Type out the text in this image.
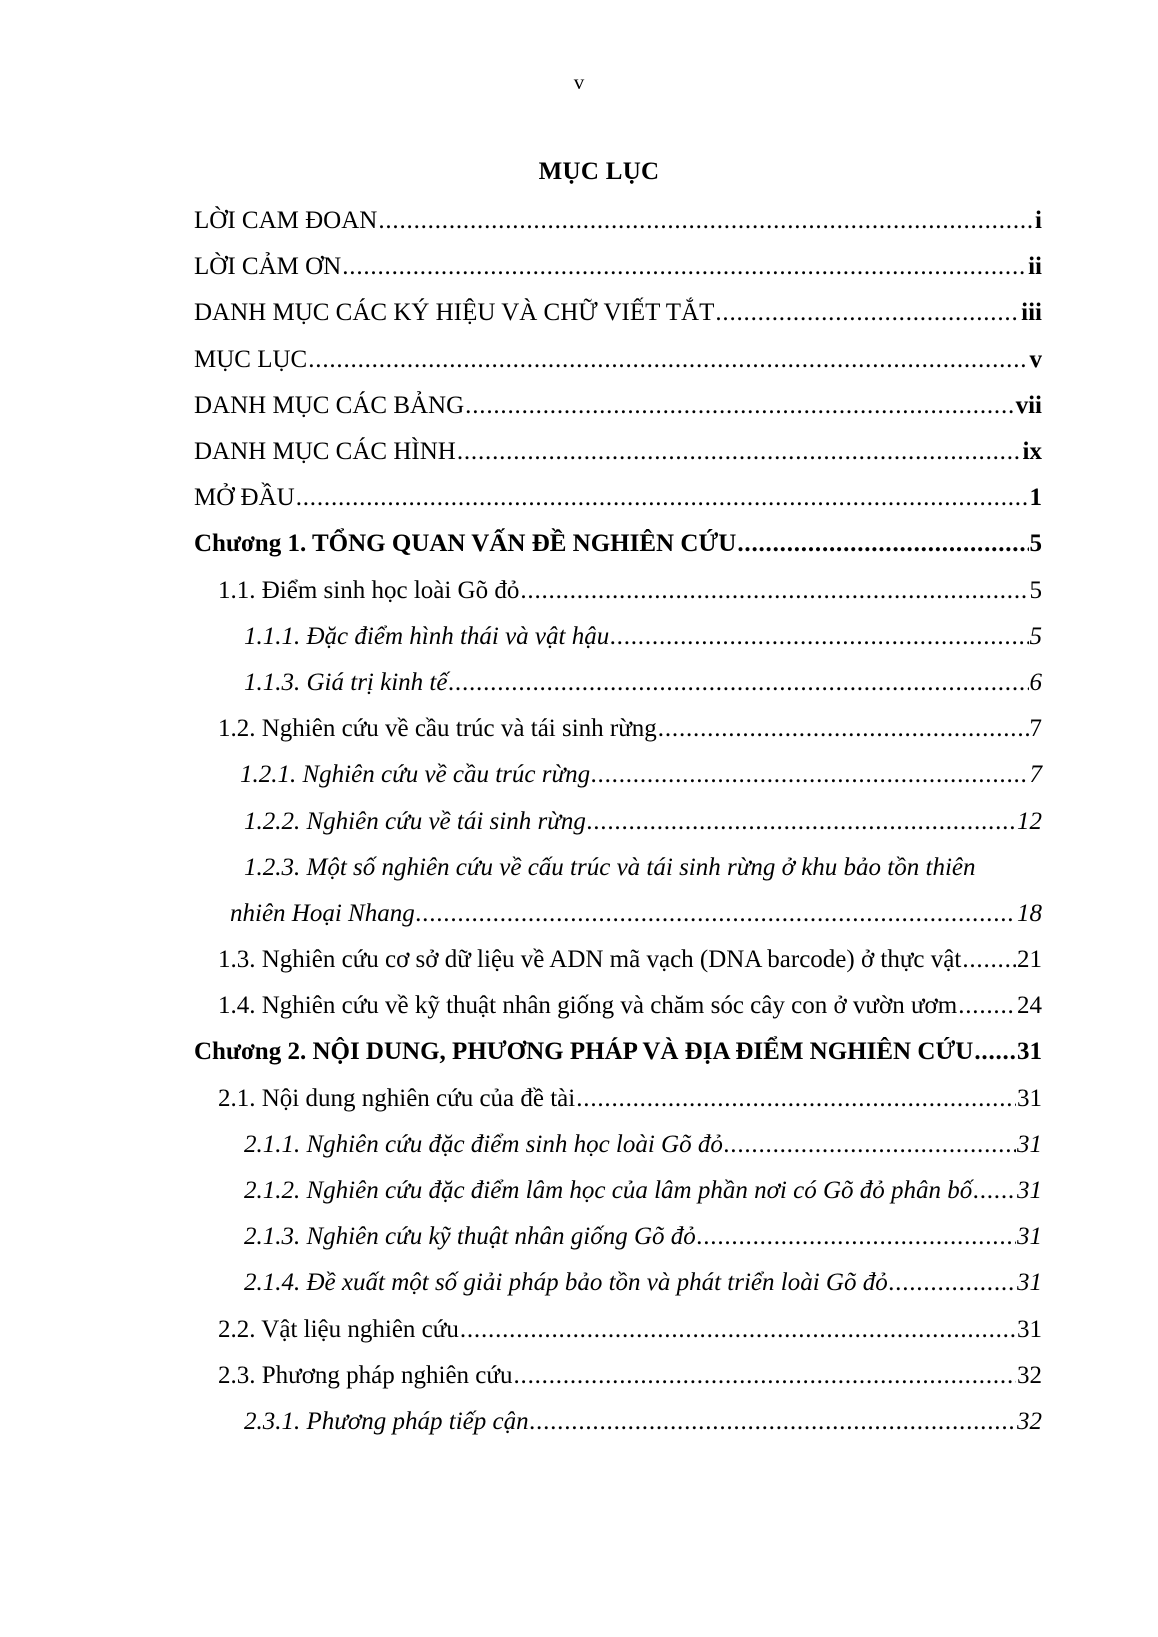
v
MỤC LỤC
LỜI CAM ĐOAN .....	i
LỜI CẢM ƠN .....	ii
DANH MỤC CÁC KÝ HIỆU VÀ CHỮ VIẾT TẮT .....	iii
MỤC LỤC .....	v
DANH MỤC CÁC BẢNG .....	vii
DANH MỤC CÁC HÌNH .....	ix
MỞ ĐẦU .....	1
Chương 1. TỔNG QUAN VẤN ĐỀ NGHIÊN CỨU .....	5
1.1. Điểm sinh học loài Gõ đỏ .....	5
1.1.1. Đặc điểm hình thái và vật hậu .....	5
1.1.3. Giá trị kinh tế .....	6
1.2. Nghiên cứu về cầu trúc và tái sinh rừng .....	7
1.2.1. Nghiên cứu về cầu trúc rừng .....	7
1.2.2. Nghiên cứu về tái sinh rừng .....	12
1.2.3. Một số nghiên cứu về cấu trúc và tái sinh rừng ở khu bảo tồn thiên
nhiên Hoại Nhang .....	18
1.3. Nghiên cứu cơ sở dữ liệu về ADN mã vạch (DNA barcode) ở thực vật ..... 21
1.4. Nghiên cứu về kỹ thuật nhân giống và chăm sóc cây con ở vườn ươm ..... 24
Chương 2. NỘI DUNG, PHƯƠNG PHÁP VÀ ĐỊA ĐIỂM NGHIÊN CỨU ..... 31
2.1. Nội dung nghiên cứu của đề tài .....	31
2.1.1. Nghiên cứu đặc điểm sinh học loài Gõ đỏ .....	31
2.1.2. Nghiên cứu đặc điểm lâm học của lâm phần nơi có Gõ đỏ phân bố ..... 31
2.1.3. Nghiên cứu kỹ thuật nhân giống Gõ đỏ .....	31
2.1.4. Đề xuất một số giải pháp bảo tồn và phát triển loài Gõ đỏ .....	31
2.2. Vật liệu nghiên cứu .....	31
2.3. Phương pháp nghiên cứu .....	32
2.3.1. Phương pháp tiếp cận .....	32
